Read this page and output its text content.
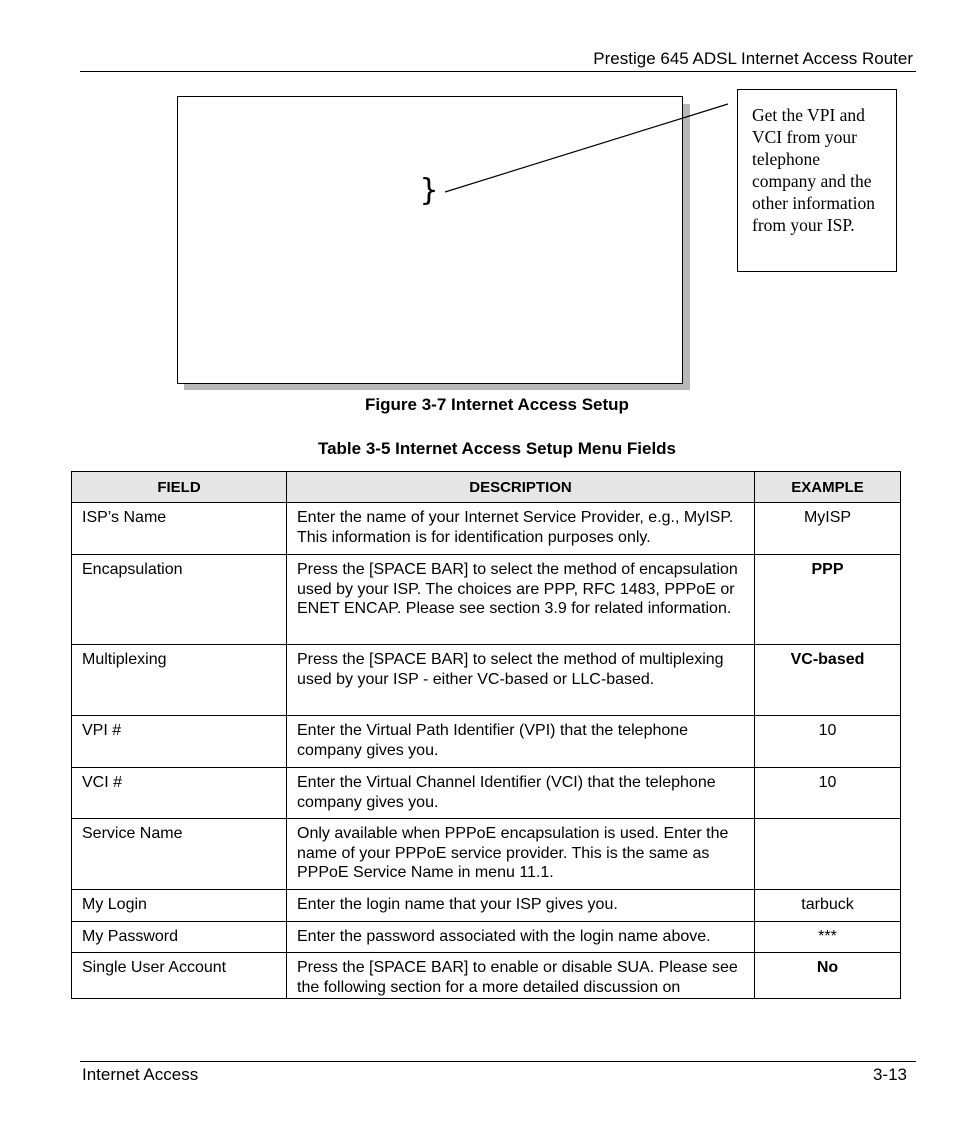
Prestige 645 ADSL Internet Access Router
}
Get the VPI and VCI from your telephone company and the other information from your ISP.
Figure 3-7 Internet Access Setup
Table 3-5 Internet Access Setup Menu Fields
FIELD	DESCRIPTION	EXAMPLE
ISP’s Name	Enter the name of your Internet Service Provider, e.g., MyISP. This information is for identification purposes only.	MyISP
Encapsulation	Press the [SPACE BAR] to select the method of encapsulation used by your ISP. The choices are PPP, RFC 1483, PPPoE or ENET ENCAP. Please see section 3.9 for related information.	PPP
Multiplexing	Press the [SPACE BAR] to select the method of multiplexing used by your ISP - either VC-based or LLC-based.	VC-based
VPI #	Enter the Virtual Path Identifier (VPI) that the telephone company gives you.	10
VCI #	Enter the Virtual Channel Identifier (VCI) that the telephone company gives you.	10
Service Name	Only available when PPPoE encapsulation is used. Enter the name of your PPPoE service provider. This is the same as PPPoE Service Name in menu 11.1.	
My Login	Enter the login name that your ISP gives you.	tarbuck
My Password	Enter the password associated with the login name above.	***
Single User Account	Press the [SPACE BAR] to enable or disable SUA. Please see the following section for a more detailed discussion on	No
Internet Access	3-13
